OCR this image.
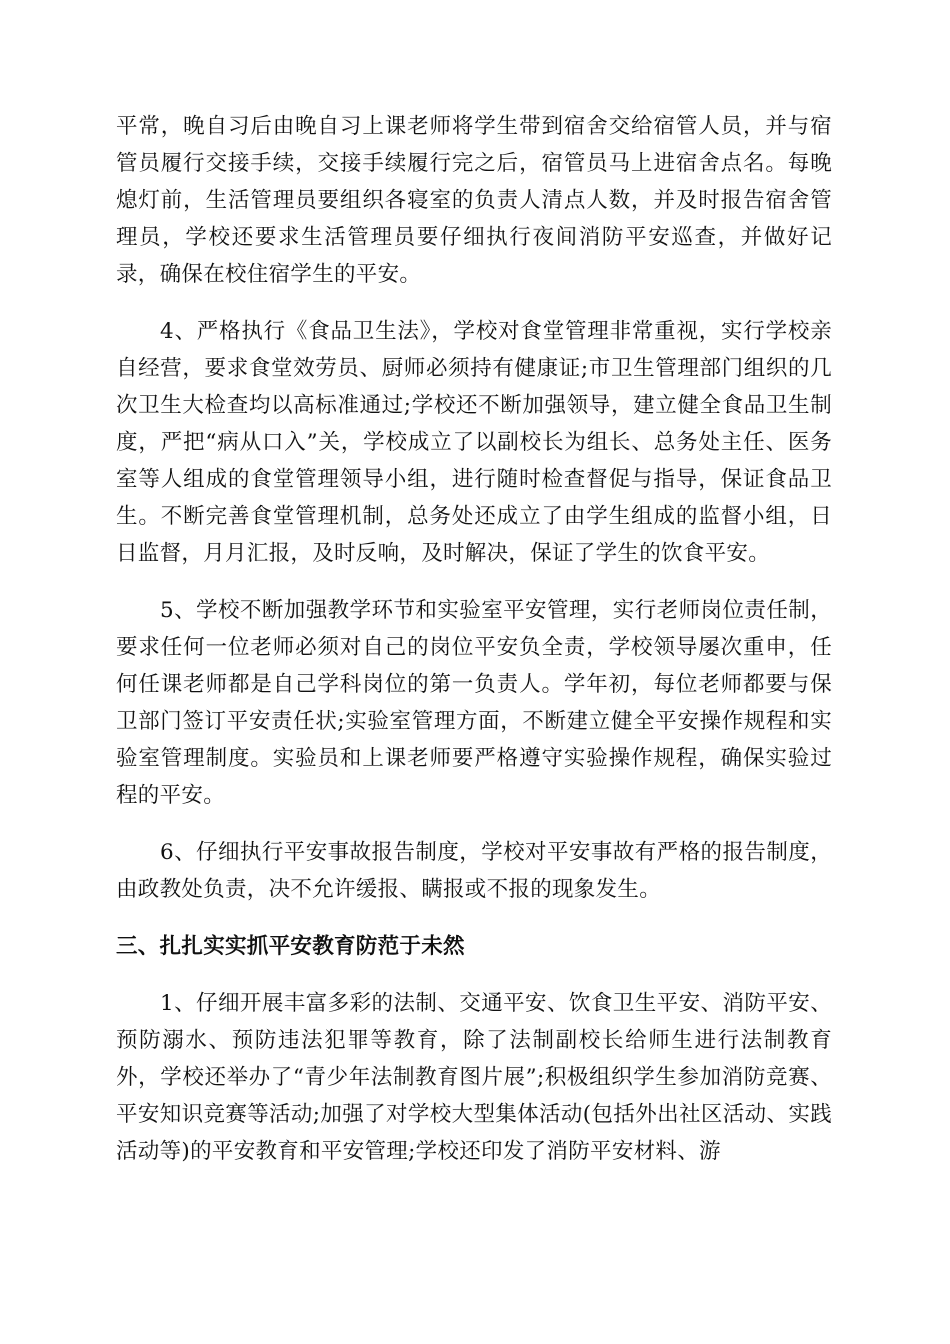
平常，晚自习后由晚自习上课老师将学生带到宿舍交给宿管人员，并与宿管员履行交接手续，交接手续履行完之后，宿管员马上进宿舍点名。每晚熄灯前，生活管理员要组织各寝室的负责人清点人数，并及时报告宿舍管理员，学校还要求生活管理员要仔细执行夜间消防平安巡查，并做好记录，确保在校住宿学生的平安。

4、严格执行《食品卫生法》，学校对食堂管理非常重视，实行学校亲自经营，要求食堂效劳员、厨师必须持有健康证;市卫生管理部门组织的几次卫生大检查均以高标准通过;学校还不断加强领导，建立健全食品卫生制度，严把“病从口入”关，学校成立了以副校长为组长、总务处主任、医务室等人组成的食堂管理领导小组，进行随时检查督促与指导，保证食品卫生。不断完善食堂管理机制，总务处还成立了由学生组成的监督小组，日日监督，月月汇报，及时反响，及时解决，保证了学生的饮食平安。

5、学校不断加强教学环节和实验室平安管理，实行老师岗位责任制，要求任何一位老师必须对自己的岗位平安负全责，学校领导屡次重申，任何任课老师都是自己学科岗位的第一负责人。学年初，每位老师都要与保卫部门签订平安责任状;实验室管理方面，不断建立健全平安操作规程和实验室管理制度。实验员和上课老师要严格遵守实验操作规程，确保实验过程的平安。

6、仔细执行平安事故报告制度，学校对平安事故有严格的报告制度，由政教处负责，决不允许缓报、瞒报或不报的现象发生。

三、扎扎实实抓平安教育防范于未然

1、仔细开展丰富多彩的法制、交通平安、饮食卫生平安、消防平安、预防溺水、预防违法犯罪等教育，除了法制副校长给师生进行法制教育外，学校还举办了“青少年法制教育图片展”;积极组织学生参加消防竞赛、平安知识竞赛等活动;加强了对学校大型集体活动(包括外出社区活动、实践活动等)的平安教育和平安管理;学校还印发了消防平安材料、游
